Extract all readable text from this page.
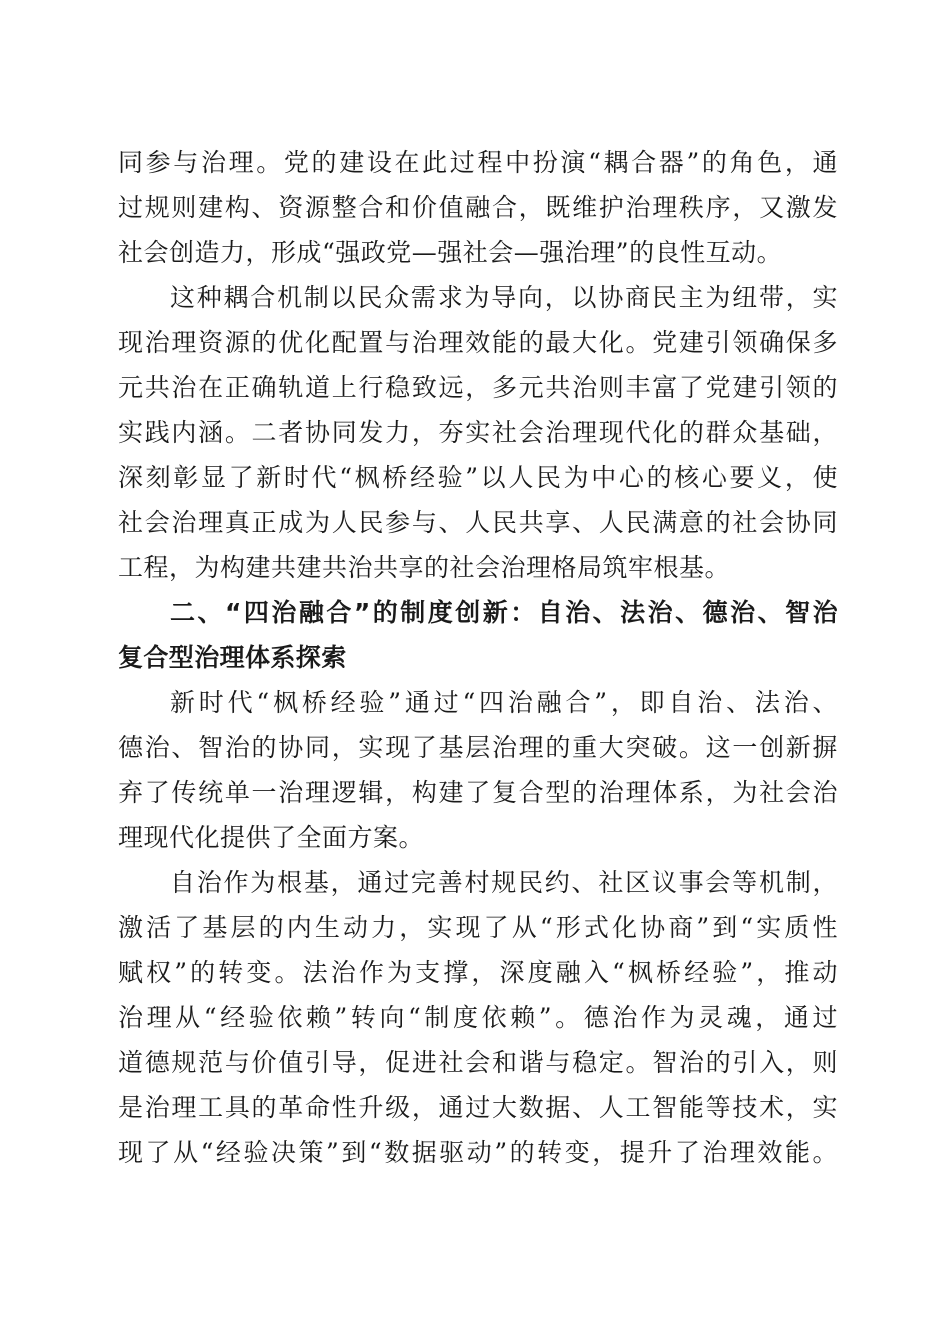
同参与治理。党的建设在此过程中扮演“耦合器”的角色，通
过规则建构、资源整合和价值融合，既维护治理秩序，又激发
社会创造力，形成“强政党—强社会—强治理”的良性互动。
这种耦合机制以民众需求为导向，以协商民主为纽带，实
现治理资源的优化配置与治理效能的最大化。党建引领确保多
元共治在正确轨道上行稳致远，多元共治则丰富了党建引领的
实践内涵。二者协同发力，夯实社会治理现代化的群众基础，
深刻彰显了新时代“枫桥经验”以人民为中心的核心要义，使
社会治理真正成为人民参与、人民共享、人民满意的社会协同
工程，为构建共建共治共享的社会治理格局筑牢根基。
二、“四治融合”的制度创新：自治、法治、德治、智治
复合型治理体系探索
新时代“枫桥经验”通过“四治融合”，即自治、法治、
德治、智治的协同，实现了基层治理的重大突破。这一创新摒
弃了传统单一治理逻辑，构建了复合型的治理体系，为社会治
理现代化提供了全面方案。
自治作为根基，通过完善村规民约、社区议事会等机制，
激活了基层的内生动力，实现了从“形式化协商”到“实质性
赋权”的转变。法治作为支撑，深度融入“枫桥经验”，推动
治理从“经验依赖”转向“制度依赖”。德治作为灵魂，通过
道德规范与价值引导，促进社会和谐与稳定。智治的引入，则
是治理工具的革命性升级，通过大数据、人工智能等技术，实
现了从“经验决策”到“数据驱动”的转变，提升了治理效能。
